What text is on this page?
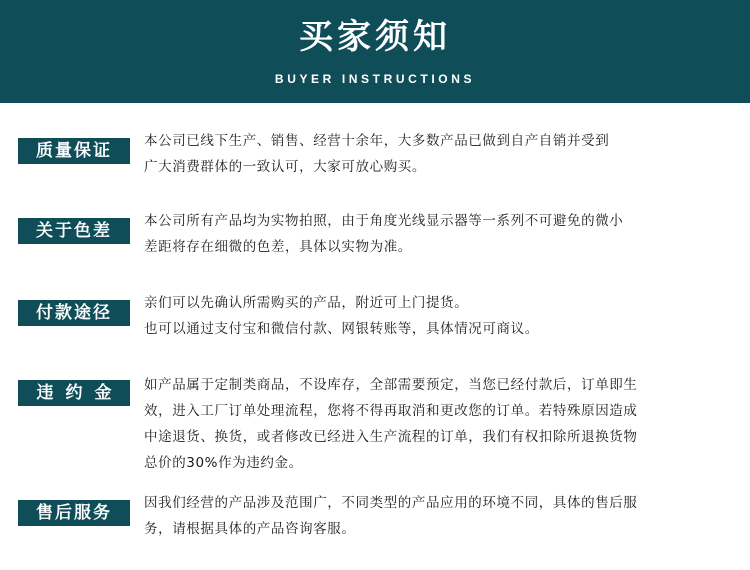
买家须知
BUYER INSTRUCTIONS
质量保证	本公司已线下生产、销售、经营十余年，大多数产品已做到自产自销并受到

广大消费群体的一致认可，大家可放心购买。

关于色差	本公司所有产品均为实物拍照，由于角度光线显示器等一系列不可避免的微小

差距将存在细微的色差，具体以实物为准。

付款途径	亲们可以先确认所需购买的产品，附近可上门提货。

也可以通过支付宝和微信付款、网银转账等，具体情况可商议。

违约金	如产品属于定制类商品，不设库存，全部需要预定，当您已经付款后，订单即生

效，进入工厂订单处理流程，您将不得再取消和更改您的订单。若特殊原因造成

中途退货、换货，或者修改已经进入生产流程的订单，我们有权扣除所退换货物

总价的30%作为违约金。

售后服务	因我们经营的产品涉及范围广，不同类型的产品应用的环境不同，具体的售后服

务，请根据具体的产品咨询客服。
